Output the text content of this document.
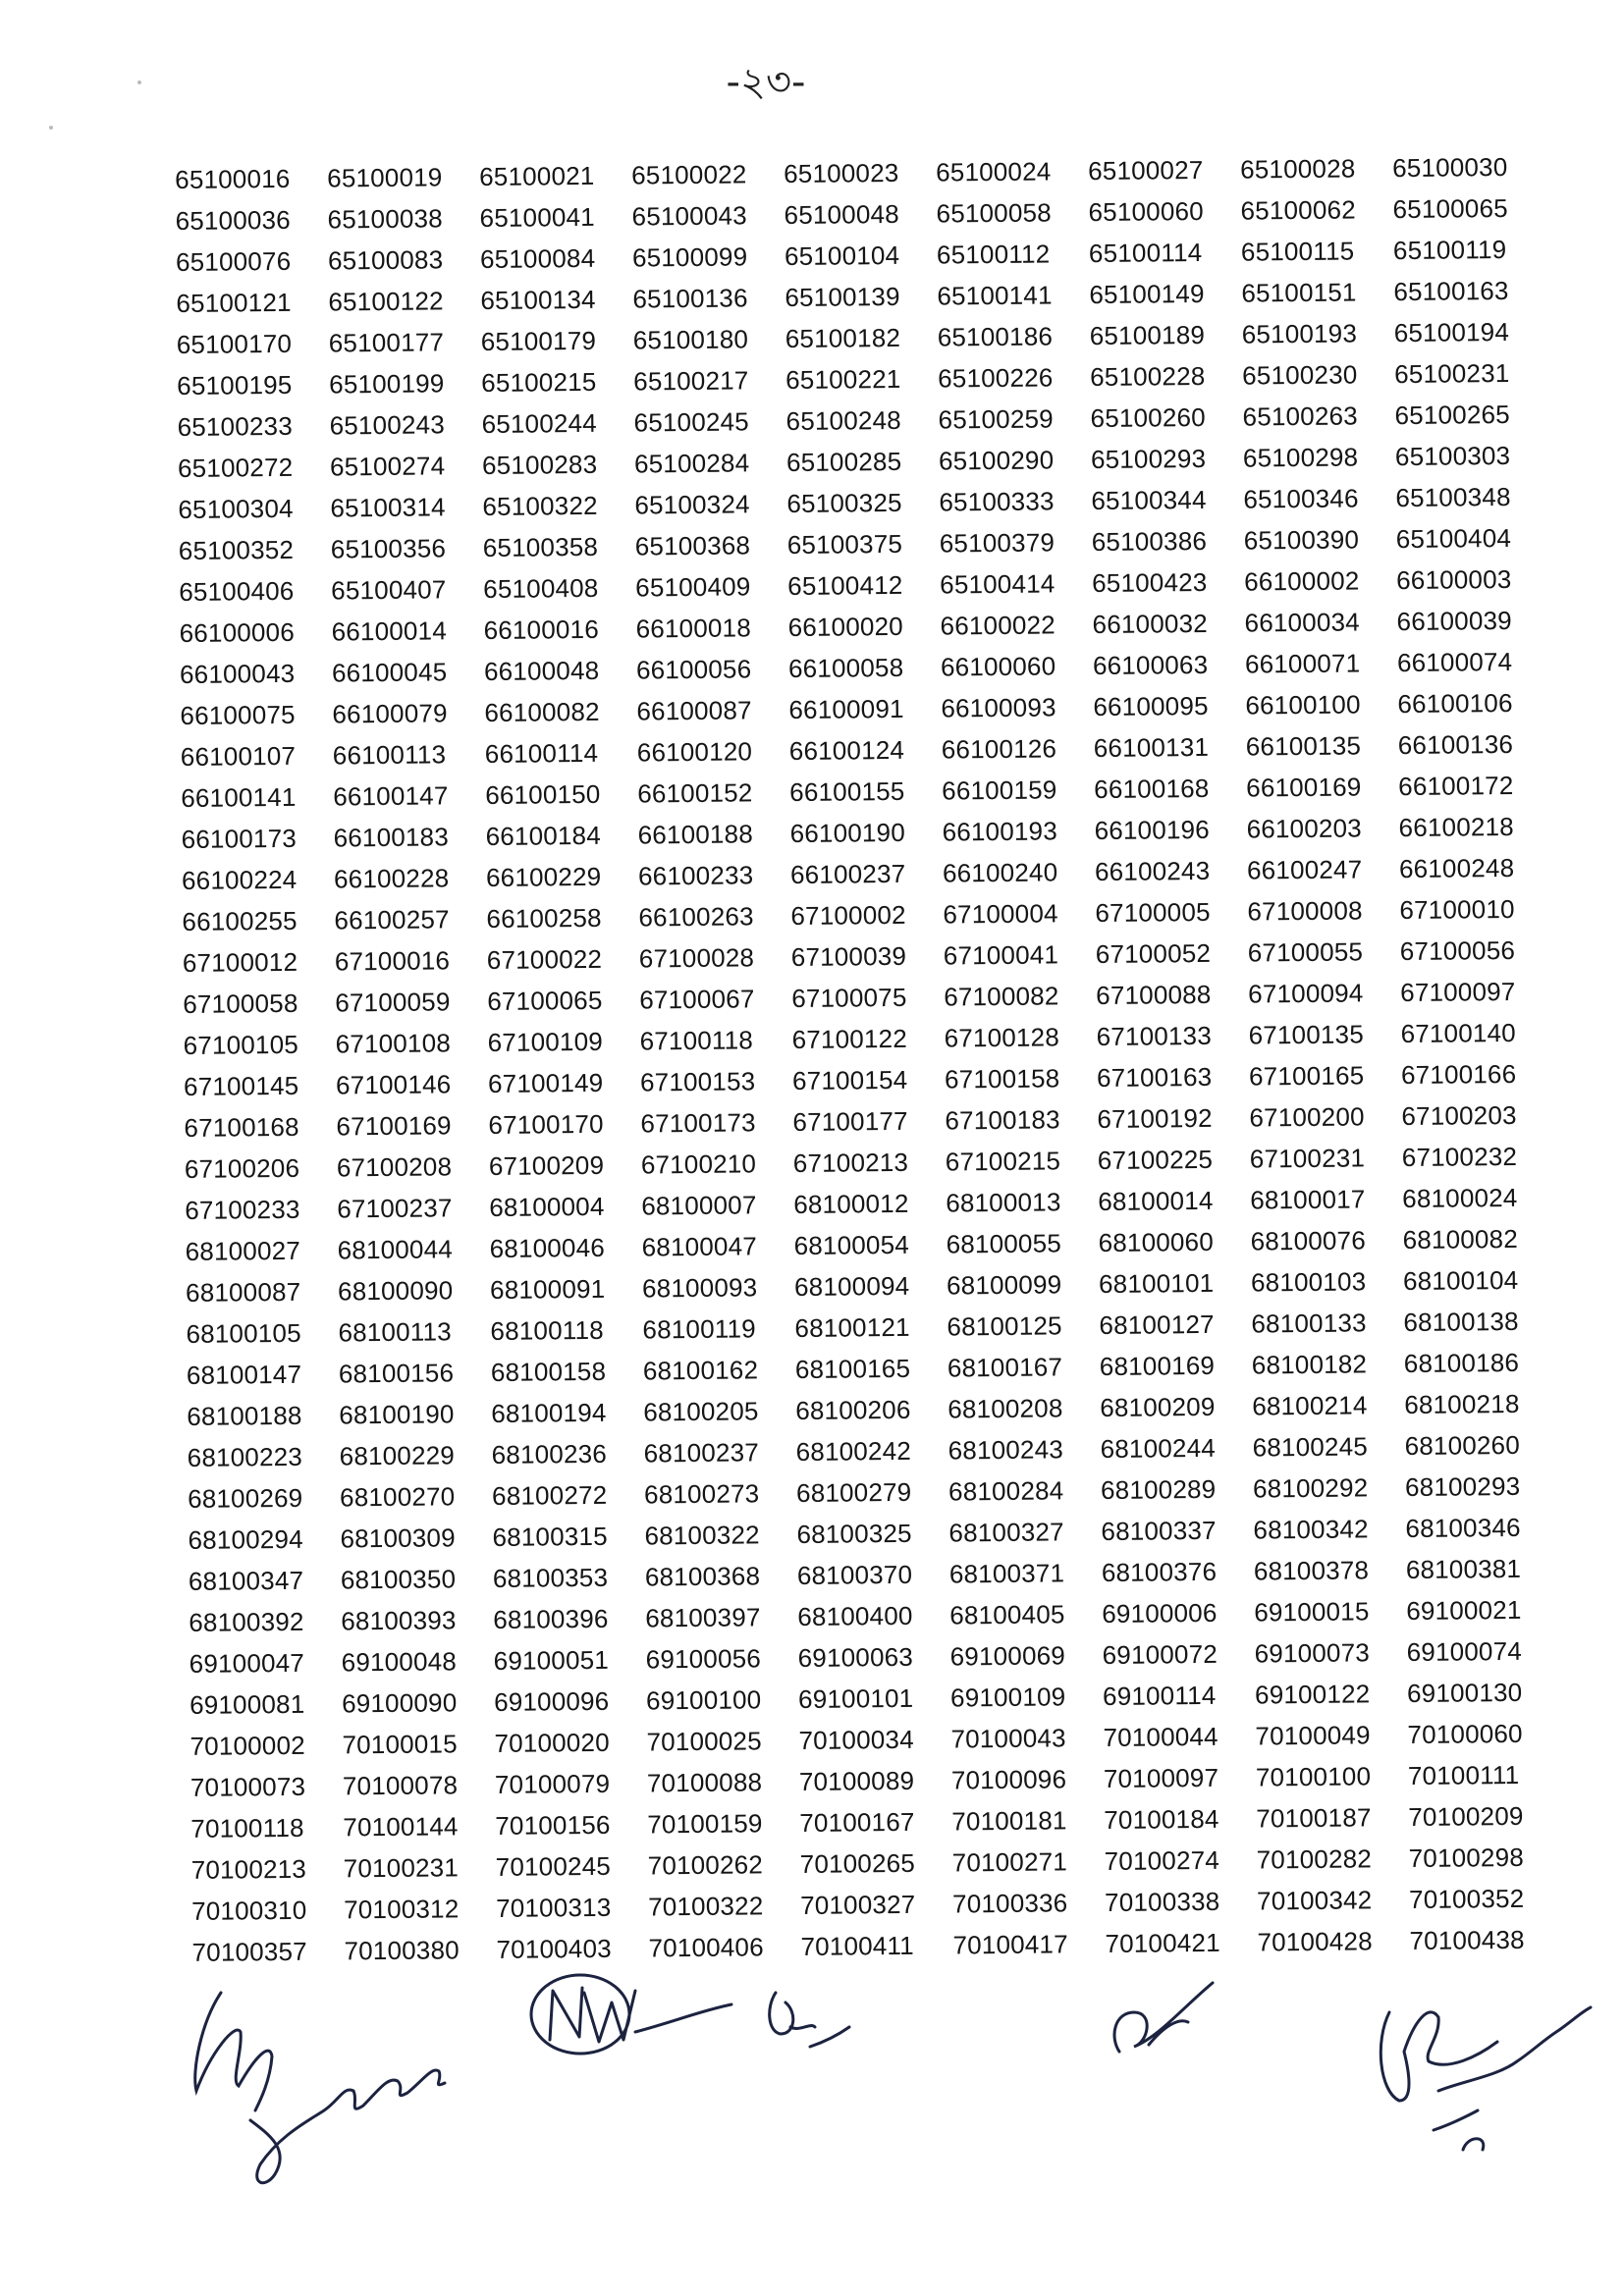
-২৩-
65100016	65100019	65100021	65100022	65100023	65100024	65100027	65100028	65100030
65100036	65100038	65100041	65100043	65100048	65100058	65100060	65100062	65100065
65100076	65100083	65100084	65100099	65100104	65100112	65100114	65100115	65100119
65100121	65100122	65100134	65100136	65100139	65100141	65100149	65100151	65100163
65100170	65100177	65100179	65100180	65100182	65100186	65100189	65100193	65100194
65100195	65100199	65100215	65100217	65100221	65100226	65100228	65100230	65100231
65100233	65100243	65100244	65100245	65100248	65100259	65100260	65100263	65100265
65100272	65100274	65100283	65100284	65100285	65100290	65100293	65100298	65100303
65100304	65100314	65100322	65100324	65100325	65100333	65100344	65100346	65100348
65100352	65100356	65100358	65100368	65100375	65100379	65100386	65100390	65100404
65100406	65100407	65100408	65100409	65100412	65100414	65100423	66100002	66100003
66100006	66100014	66100016	66100018	66100020	66100022	66100032	66100034	66100039
66100043	66100045	66100048	66100056	66100058	66100060	66100063	66100071	66100074
66100075	66100079	66100082	66100087	66100091	66100093	66100095	66100100	66100106
66100107	66100113	66100114	66100120	66100124	66100126	66100131	66100135	66100136
66100141	66100147	66100150	66100152	66100155	66100159	66100168	66100169	66100172
66100173	66100183	66100184	66100188	66100190	66100193	66100196	66100203	66100218
66100224	66100228	66100229	66100233	66100237	66100240	66100243	66100247	66100248
66100255	66100257	66100258	66100263	67100002	67100004	67100005	67100008	67100010
67100012	67100016	67100022	67100028	67100039	67100041	67100052	67100055	67100056
67100058	67100059	67100065	67100067	67100075	67100082	67100088	67100094	67100097
67100105	67100108	67100109	67100118	67100122	67100128	67100133	67100135	67100140
67100145	67100146	67100149	67100153	67100154	67100158	67100163	67100165	67100166
67100168	67100169	67100170	67100173	67100177	67100183	67100192	67100200	67100203
67100206	67100208	67100209	67100210	67100213	67100215	67100225	67100231	67100232
67100233	67100237	68100004	68100007	68100012	68100013	68100014	68100017	68100024
68100027	68100044	68100046	68100047	68100054	68100055	68100060	68100076	68100082
68100087	68100090	68100091	68100093	68100094	68100099	68100101	68100103	68100104
68100105	68100113	68100118	68100119	68100121	68100125	68100127	68100133	68100138
68100147	68100156	68100158	68100162	68100165	68100167	68100169	68100182	68100186
68100188	68100190	68100194	68100205	68100206	68100208	68100209	68100214	68100218
68100223	68100229	68100236	68100237	68100242	68100243	68100244	68100245	68100260
68100269	68100270	68100272	68100273	68100279	68100284	68100289	68100292	68100293
68100294	68100309	68100315	68100322	68100325	68100327	68100337	68100342	68100346
68100347	68100350	68100353	68100368	68100370	68100371	68100376	68100378	68100381
68100392	68100393	68100396	68100397	68100400	68100405	69100006	69100015	69100021
69100047	69100048	69100051	69100056	69100063	69100069	69100072	69100073	69100074
69100081	69100090	69100096	69100100	69100101	69100109	69100114	69100122	69100130
70100002	70100015	70100020	70100025	70100034	70100043	70100044	70100049	70100060
70100073	70100078	70100079	70100088	70100089	70100096	70100097	70100100	70100111
70100118	70100144	70100156	70100159	70100167	70100181	70100184	70100187	70100209
70100213	70100231	70100245	70100262	70100265	70100271	70100274	70100282	70100298
70100310	70100312	70100313	70100322	70100327	70100336	70100338	70100342	70100352
70100357	70100380	70100403	70100406	70100411	70100417	70100421	70100428	70100438
